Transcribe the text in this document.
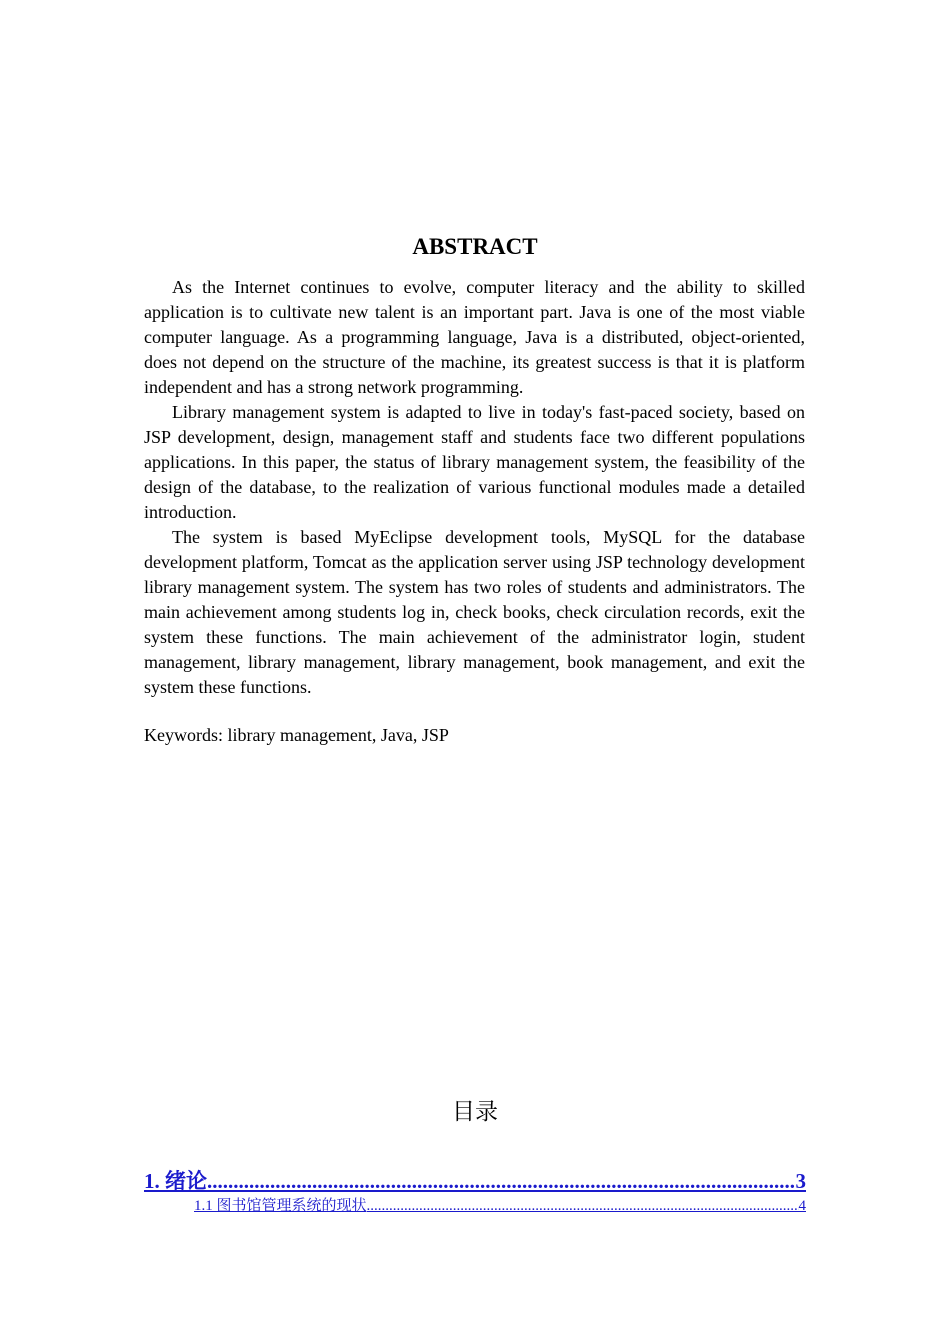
ABSTRACT

As the Internet continues to evolve, computer literacy and the ability to skilled application is to cultivate new talent is an important part. Java is one of the most viable computer language. As a programming language, Java is a distributed, object-oriented, does not depend on the structure of the machine, its greatest success is that it is platform independent and has a strong network programming.

Library management system is adapted to live in today's fast-paced society, based on JSP development, design, management staff and students face two different populations applications. In this paper, the status of library management system, the feasibility of the design of the database, to the realization of various functional modules made a detailed introduction.

The system is based MyEclipse development tools, MySQL for the database development platform, Tomcat as the application server using JSP technology development library management system. The system has two roles of students and administrators. The main achievement among students log in, check books, check circulation records, exit the system these functions. The main achievement of the administrator login, student management, library management, library management, book management, and exit the system these functions.

Keywords: library management, Java, JSP
目录
1. 绪论 .....	3
1.1 图书馆管理系统的现状 .....	4
